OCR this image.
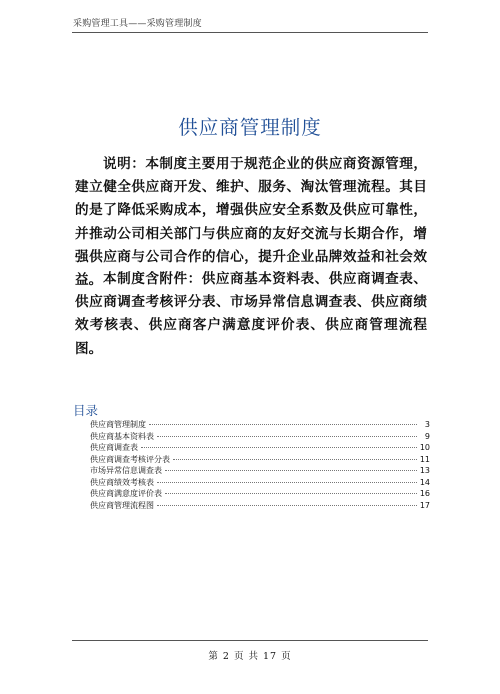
采购管理工具——采购管理制度
供应商管理制度

说明：本制度主要用于规范企业的供应商资源管理，建立健全供应商开发、维护、服务、淘汰管理流程。其目的是了降低采购成本，增强供应安全系数及供应可靠性，并推动公司相关部门与供应商的友好交流与长期合作，增强供应商与公司合作的信心，提升企业品牌效益和社会效益。 本制度含附件：供应商基本资料表、供应商调查表、供应商调查考核评分表、市场异常信息调查表、供应商绩效考核表、供应商客户满意度评价表、供应商管理流程图。

目录
供应商管理制度	3
供应商基本资料表	9
供应商调查表	10
供应商调查考核评分表	11
市场异常信息调查表	13
供应商绩效考核表	14
供应商满意度评价表	16
供应商管理流程图	17
第 2 页 共 17 页
